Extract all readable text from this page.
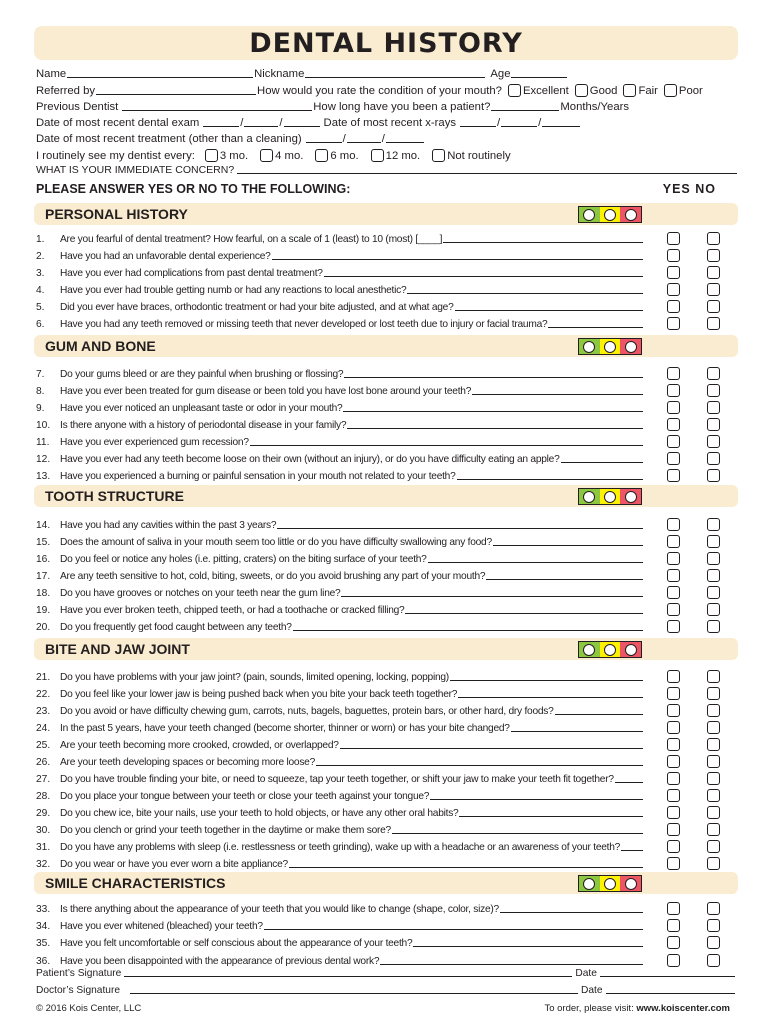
DENTAL HISTORY
Name	Nickname	Age
Referred by	How would you rate the condition of your mouth? Excellent Good Fair Poor
Previous Dentist	How long have you been a patient?	Months/Years
Date of most recent dental exam	/	/	Date of most recent x-rays	/	/
Date of most recent treatment (other than a cleaning)	/	/
I routinely see my dentist every: 3 mo. 4 mo. 6 mo. 12 mo. Not routinely
WHAT IS YOUR IMMEDIATE CONCERN?
PLEASE ANSWER YES OR NO TO THE FOLLOWING:	YES NO
PERSONAL HISTORY
1.	Are you fearful of dental treatment? How fearful, on a scale of 1 (least) to 10 (most) [____]
2.	Have you had an unfavorable dental experience?
3.	Have you ever had complications from past dental treatment?
4.	Have you ever had trouble getting numb or had any reactions to local anesthetic?
5.	Did you ever have braces, orthodontic treatment or had your bite adjusted, and at what age?
6.	Have you had any teeth removed or missing teeth that never developed or lost teeth due to injury or facial trauma?
GUM AND BONE
7.	Do your gums bleed or are they painful when brushing or flossing?
8.	Have you ever been treated for gum disease or been told you have lost bone around your teeth?
9.	Have you ever noticed an unpleasant taste or odor in your mouth?
10. Is there anyone with a history of periodontal disease in your family?
11.	Have you ever experienced gum recession?
12. Have you ever had any teeth become loose on their own (without an injury), or do you have difficulty eating an apple?
13. Have you experienced a burning or painful sensation in your mouth not related to your teeth?
TOOTH STRUCTURE
14. Have you had any cavities within the past 3 years?
15. Does the amount of saliva in your mouth seem too little or do you have difficulty swallowing any food?
16. Do you feel or notice any holes (i.e. pitting, craters) on the biting surface of your teeth?
17. Are any teeth sensitive to hot, cold, biting, sweets, or do you avoid brushing any part of your mouth?
18. Do you have grooves or notches on your teeth near the gum line?
19. Have you ever broken teeth, chipped teeth, or had a toothache or cracked filling?
20. Do you frequently get food caught between any teeth?
BITE AND JAW JOINT
21. Do you have problems with your jaw joint? (pain, sounds, limited opening, locking, popping)
22. Do you feel like your lower jaw is being pushed back when you bite your back teeth together?
23. Do you avoid or have difficulty chewing gum, carrots, nuts, bagels, baguettes, protein bars, or other hard, dry foods?
24. In the past 5 years, have your teeth changed (become shorter, thinner or worn) or has your bite changed?
25. Are your teeth becoming more crooked, crowded, or overlapped?
26. Are your teeth developing spaces or becoming more loose?
27. Do you have trouble finding your bite, or need to squeeze, tap your teeth together, or shift your jaw to make your teeth fit together?
28. Do you place your tongue between your teeth or close your teeth against your tongue?
29. Do you chew ice, bite your nails, use your teeth to hold objects, or have any other oral habits?
30. Do you clench or grind your teeth together in the daytime or make them sore?
31. Do you have any problems with sleep (i.e. restlessness or teeth grinding), wake up with a headache or an awareness of your teeth?
32. Do you wear or have you ever worn a bite appliance?
SMILE CHARACTERISTICS
33. Is there anything about the appearance of your teeth that you would like to change (shape, color, size)?
34. Have you ever whitened (bleached) your teeth?
35. Have you felt uncomfortable or self conscious about the appearance of your teeth?
36. Have you been disappointed with the appearance of previous dental work?
Patient’s Signature	Date
Doctor’s Signature	Date
© 2016 Kois Center, LLC	To order, please visit: www.koiscenter.com
